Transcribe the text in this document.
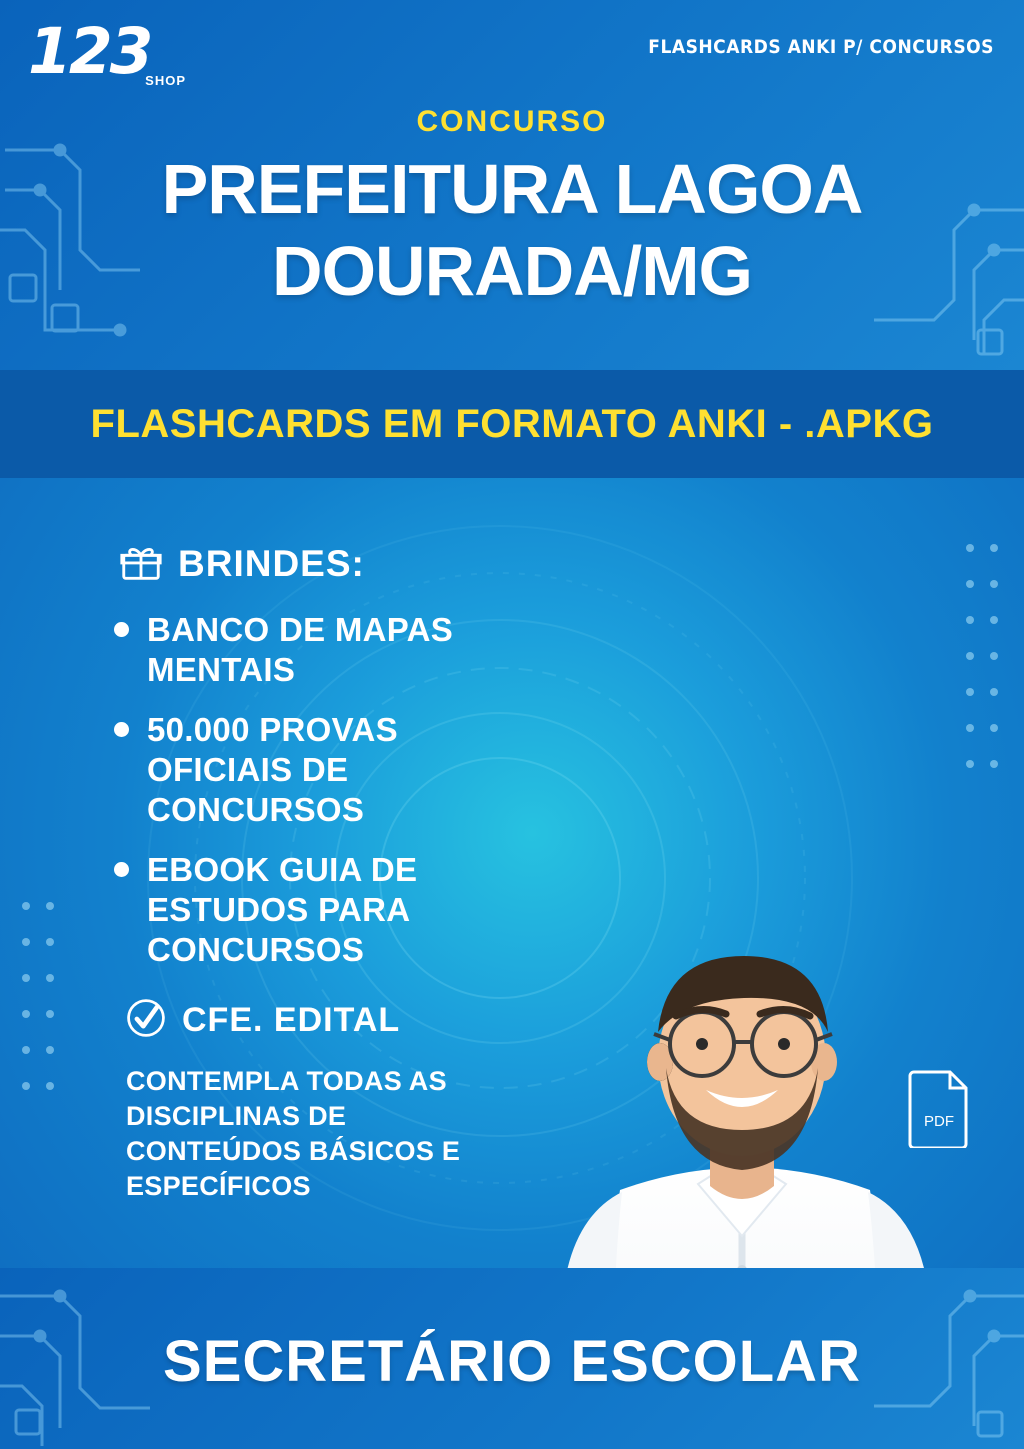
123
SHOP
FLASHCARDS ANKI P/ CONCURSOS
CONCURSO
PREFEITURA LAGOA
DOURADA/MG
FLASHCARDS EM FORMATO ANKI - .APKG
BRINDES:
BANCO DE MAPAS MENTAIS
50.000 PROVAS OFICIAIS DE CONCURSOS
EBOOK GUIA DE ESTUDOS PARA CONCURSOS
CFE. EDITAL
CONTEMPLA TODAS AS DISCIPLINAS DE CONTEÚDOS BÁSICOS E ESPECÍFICOS
PDF
SECRETÁRIO ESCOLAR
